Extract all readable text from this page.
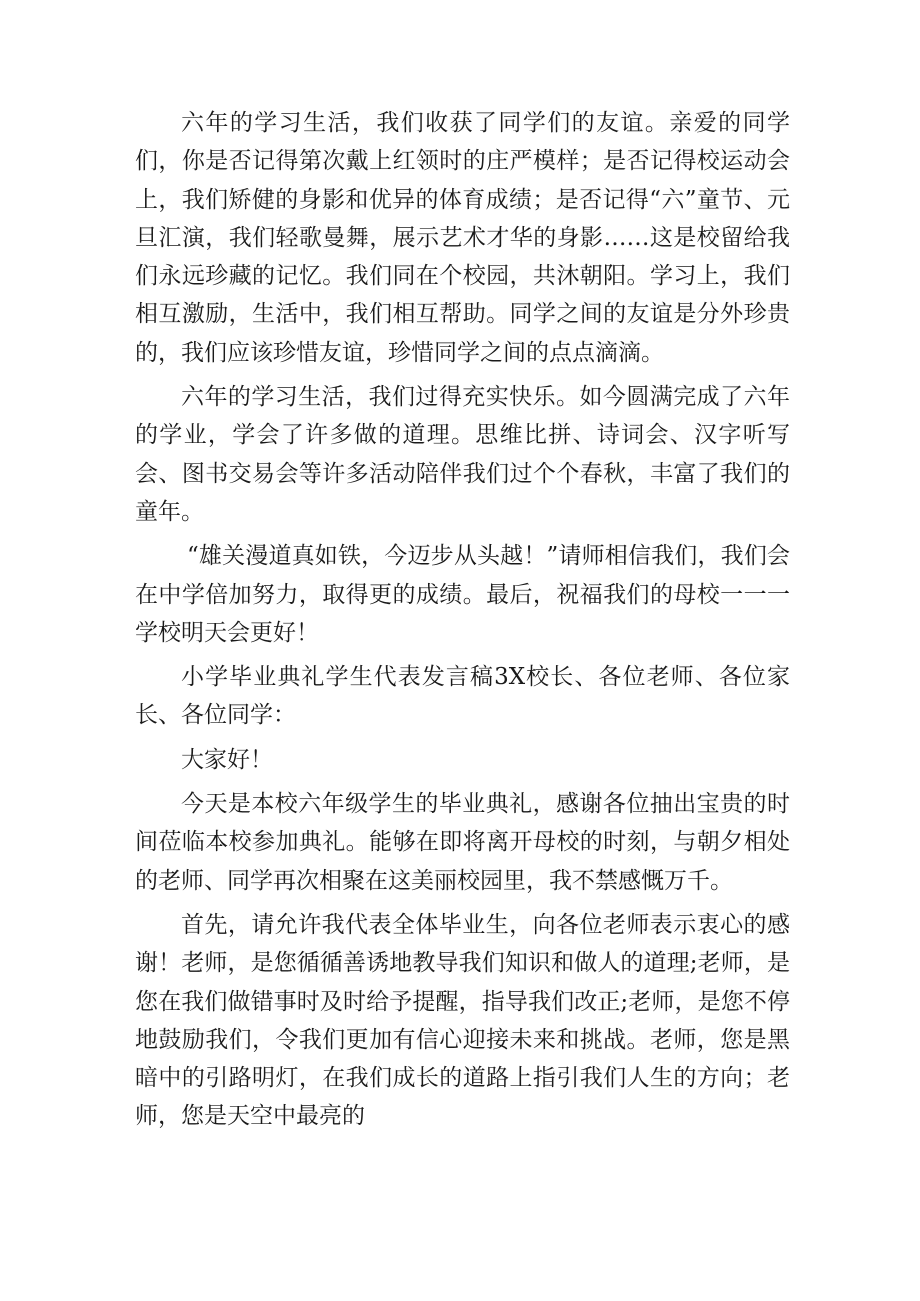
六年的学习生活，我们收获了同学们的友谊。亲爱的同学们，你是否记得第次戴上红领时的庄严模样；是否记得校运动会上，我们矫健的身影和优异的体育成绩；是否记得“六”童节、元旦汇演，我们轻歌曼舞，展示艺术才华的身影……这是校留给我们永远珍藏的记忆。我们同在个校园，共沐朝阳。学习上，我们相互激励，生活中，我们相互帮助。同学之间的友谊是分外珍贵的，我们应该珍惜友谊，珍惜同学之间的点点滴滴。

六年的学习生活，我们过得充实快乐。如今圆满完成了六年的学业，学会了许多做的道理。思维比拼、诗词会、汉字听写会、图书交易会等许多活动陪伴我们过个个春秋，丰富了我们的童年。

“雄关漫道真如铁，今迈步从头越！”请师相信我们，我们会在中学倍加努力，取得更的成绩。最后，祝福我们的母校一一一学校明天会更好！

小学毕业典礼学生代表发言稿3X校长、各位老师、各位家长、各位同学：

大家好！

今天是本校六年级学生的毕业典礼，感谢各位抽出宝贵的时间莅临本校参加典礼。能够在即将离开母校的时刻，与朝夕相处的老师、同学再次相聚在这美丽校园里，我不禁感慨万千。

首先，请允许我代表全体毕业生，向各位老师表示衷心的感谢！老师，是您循循善诱地教导我们知识和做人的道理;老师，是您在我们做错事时及时给予提醒，指导我们改正;老师，是您不停地鼓励我们，令我们更加有信心迎接未来和挑战。老师，您是黑暗中的引路明灯，在我们成长的道路上指引我们人生的方向；老师，您是天空中最亮的
